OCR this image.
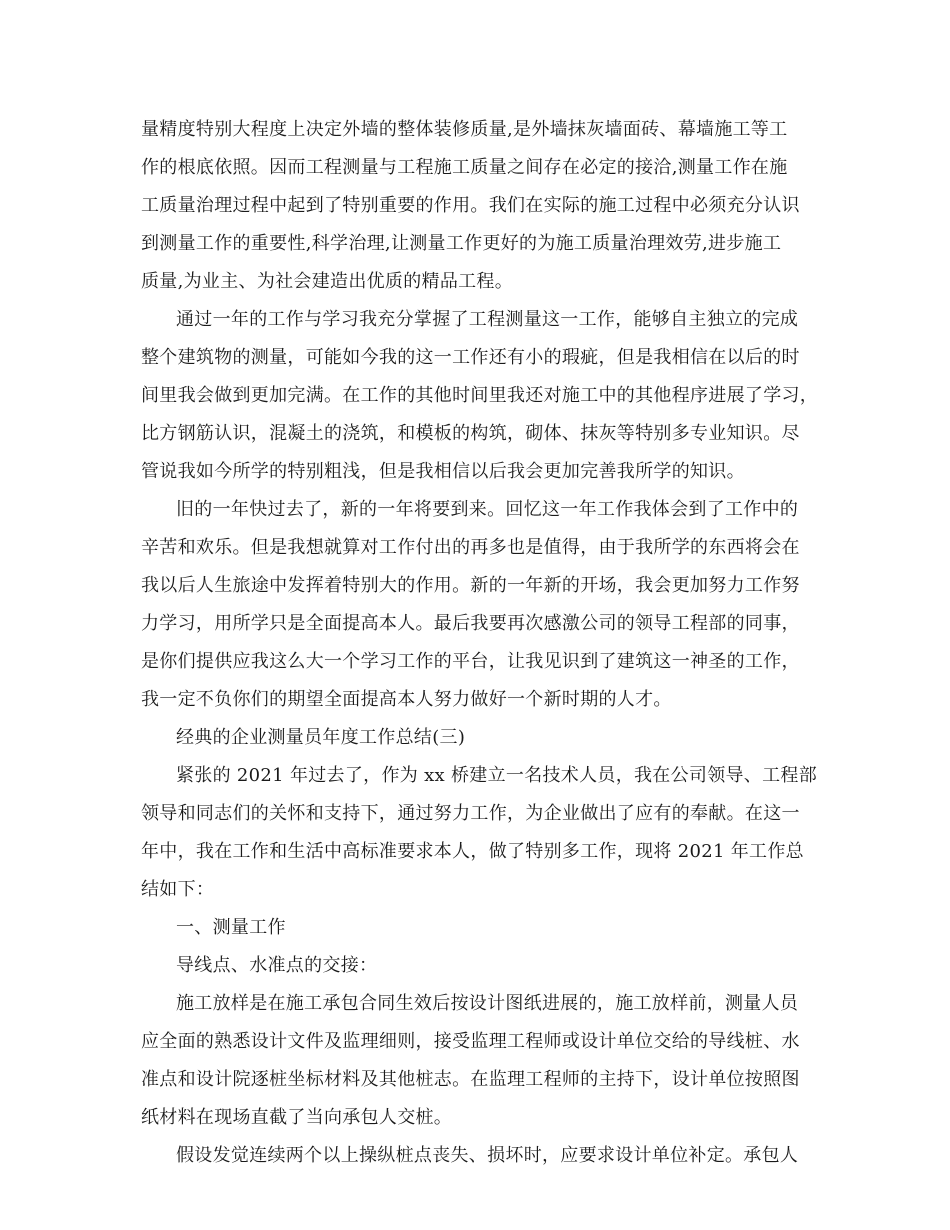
量精度特别大程度上决定外墙的整体装修质量,是外墙抹灰墙面砖、幕墙施工等工
作的根底依照。因而工程测量与工程施工质量之间存在必定的接洽,测量工作在施
工质量治理过程中起到了特别重要的作用。我们在实际的施工过程中必须充分认识
到测量工作的重要性,科学治理,让测量工作更好的为施工质量治理效劳,进步施工
质量,为业主、为社会建造出优质的精品工程。
通过一年的工作与学习我充分掌握了工程测量这一工作，能够自主独立的完成
整个建筑物的测量，可能如今我的这一工作还有小的瑕疵，但是我相信在以后的时
间里我会做到更加完满。在工作的其他时间里我还对施工中的其他程序进展了学习，
比方钢筋认识，混凝土的浇筑，和模板的构筑，砌体、抹灰等特别多专业知识。尽
管说我如今所学的特别粗浅，但是我相信以后我会更加完善我所学的知识。
旧的一年快过去了，新的一年将要到来。回忆这一年工作我体会到了工作中的
辛苦和欢乐。但是我想就算对工作付出的再多也是值得，由于我所学的东西将会在
我以后人生旅途中发挥着特别大的作用。新的一年新的开场，我会更加努力工作努
力学习，用所学只是全面提高本人。最后我要再次感激公司的领导工程部的同事，
是你们提供应我这么大一个学习工作的平台，让我见识到了建筑这一神圣的工作，
我一定不负你们的期望全面提高本人努力做好一个新时期的人才。
经典的企业测量员年度工作总结(三)
紧张的 2021 年过去了，作为 xx 桥建立一名技术人员，我在公司领导、工程部
领导和同志们的关怀和支持下，通过努力工作，为企业做出了应有的奉献。在这一
年中，我在工作和生活中高标准要求本人，做了特别多工作，现将 2021 年工作总
结如下：
一、测量工作
导线点、水准点的交接：
施工放样是在施工承包合同生效后按设计图纸进展的，施工放样前，测量人员
应全面的熟悉设计文件及监理细则，接受监理工程师或设计单位交给的导线桩、水
准点和设计院逐桩坐标材料及其他桩志。在监理工程师的主持下，设计单位按照图
纸材料在现场直截了当向承包人交桩。
假设发觉连续两个以上操纵桩点丧失、损坏时，应要求设计单位补定。承包人
